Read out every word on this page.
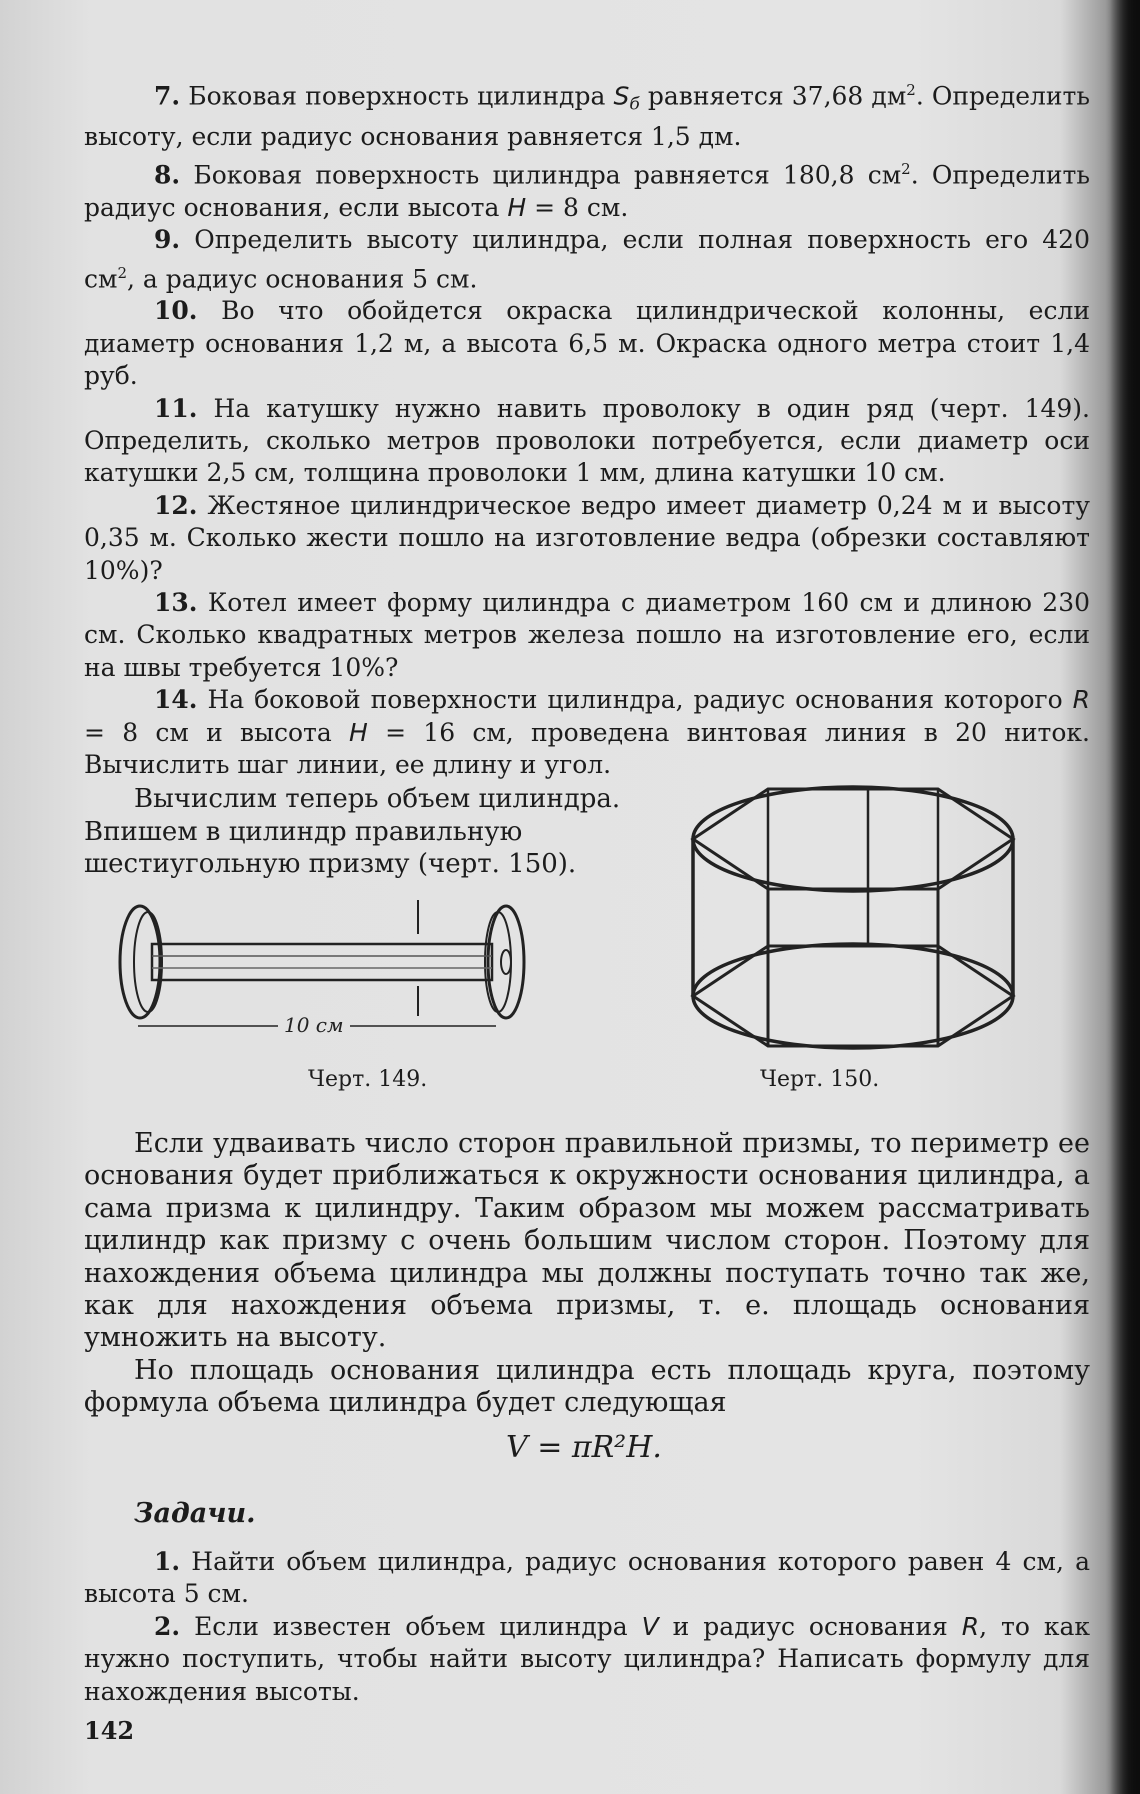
7. Боковая поверхность цилиндра $S_б$ равняется 37,68 $дм^2$. Определить высоту, если радиус основания равняется 1,5 дм.

8. Боковая поверхность цилиндра равняется 180,8 $см^2$. Определить радиус основания, если высота H = 8 см.

9. Определить высоту цилиндра, если полная поверхность его 420 $см^2$, а радиус основания 5 см.

10. Во что обойдется окраска цилиндрической колонны, если диаметр основания 1,2 м, а высота 6,5 м. Окраска одного метра стоит 1,4 руб.

11. На катушку нужно навить проволоку в один ряд (черт. 149). Определить, сколько метров проволоки потребуется, если диаметр оси катушки 2,5 см, толщина проволоки 1 мм, длина катушки 10 см.

12. Жестяное цилиндрическое ведро имеет диаметр 0,24 м и высоту 0,35 м. Сколько жести пошло на изготовление ведра (обрезки составляют 10%)?

13. Котел имеет форму цилиндра с диаметром 160 см и длиною 230 см. Сколько квадратных метров железа пошло на изготовление его, если на швы требуется 10%?

14. На боковой поверхности цилиндра, радиус основания которого R = 8 см и высота H = 16 см, проведена винтовая линия в 20 ниток. Вычислить шаг линии, ее длину и угол.

Вычислим теперь объем цилиндра. Впишем в цилиндр правильную шестиугольную призму (черт. 150).

10 см
Черт. 149.	Черт. 150.

Если удваивать число сторон правильной призмы, то периметр ее основания будет приближаться к окружности основания цилиндра, а сама призма к цилиндру. Таким образом мы можем рассматривать цилиндр как призму с очень большим числом сторон. Поэтому для нахождения объема цилиндра мы должны поступать точно так же, как для нахождения объема призмы, т. е. площадь основания умножить на высоту.

Но площадь основания цилиндра есть площадь круга, поэтому формула объема цилиндра будет следующая

V = πR²H.
Задачи.

1. Найти объем цилиндра, радиус основания которого равен 4 см, а высота 5 см.

2. Если известен объем цилиндра V и радиус основания R, то как нужно поступить, чтобы найти высоту цилиндра? Написать формулу для нахождения высоты.

142
